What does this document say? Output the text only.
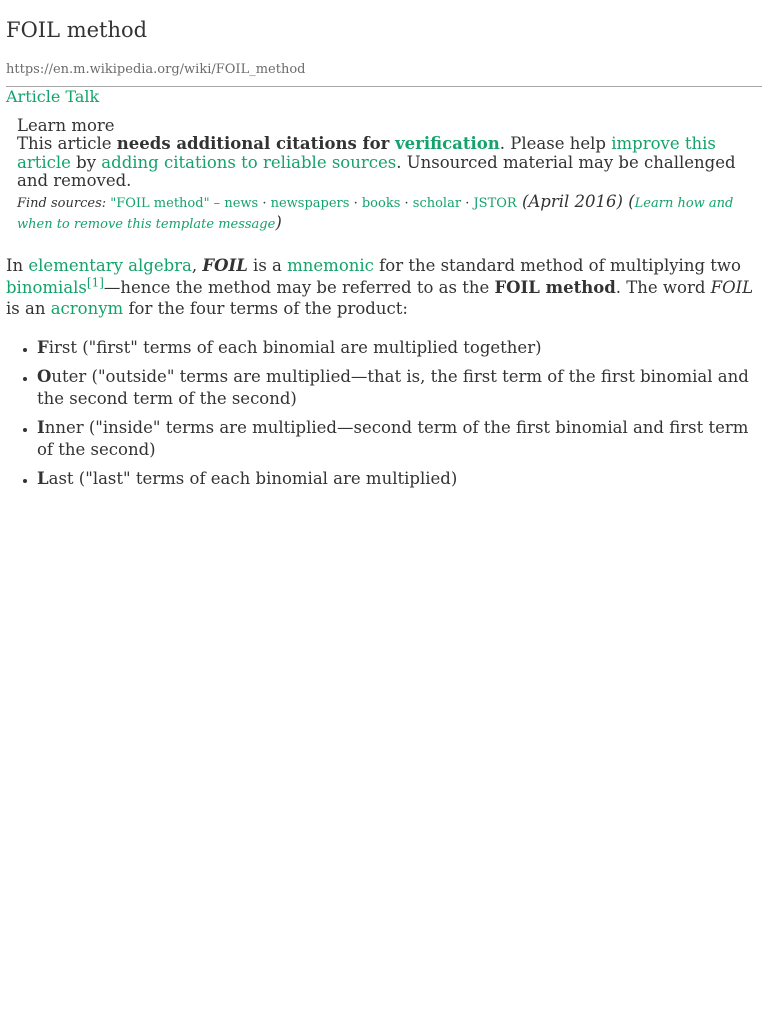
FOIL method
https://en.m.wikipedia.org/wiki/FOIL_method
Article Talk
Learn more
This article needs additional citations for verification. Please help improve this article by adding citations to reliable sources. Unsourced material may be challenged and removed.
Find sources: "FOIL method" – news · newspapers · books · scholar · JSTOR (April 2016) (Learn how and when to remove this template message)

In elementary algebra, FOIL is a mnemonic for the standard method of multiplying two binomials[1]—hence the method may be referred to as the FOIL method. The word FOIL is an acronym for the four terms of the product:

• First ("first" terms of each binomial are multiplied together)
• Outer ("outside" terms are multiplied—that is, the first term of the first binomial and the second term of the second)
• Inner ("inside" terms are multiplied—second term of the first binomial and first term of the second)
• Last ("last" terms of each binomial are multiplied)
